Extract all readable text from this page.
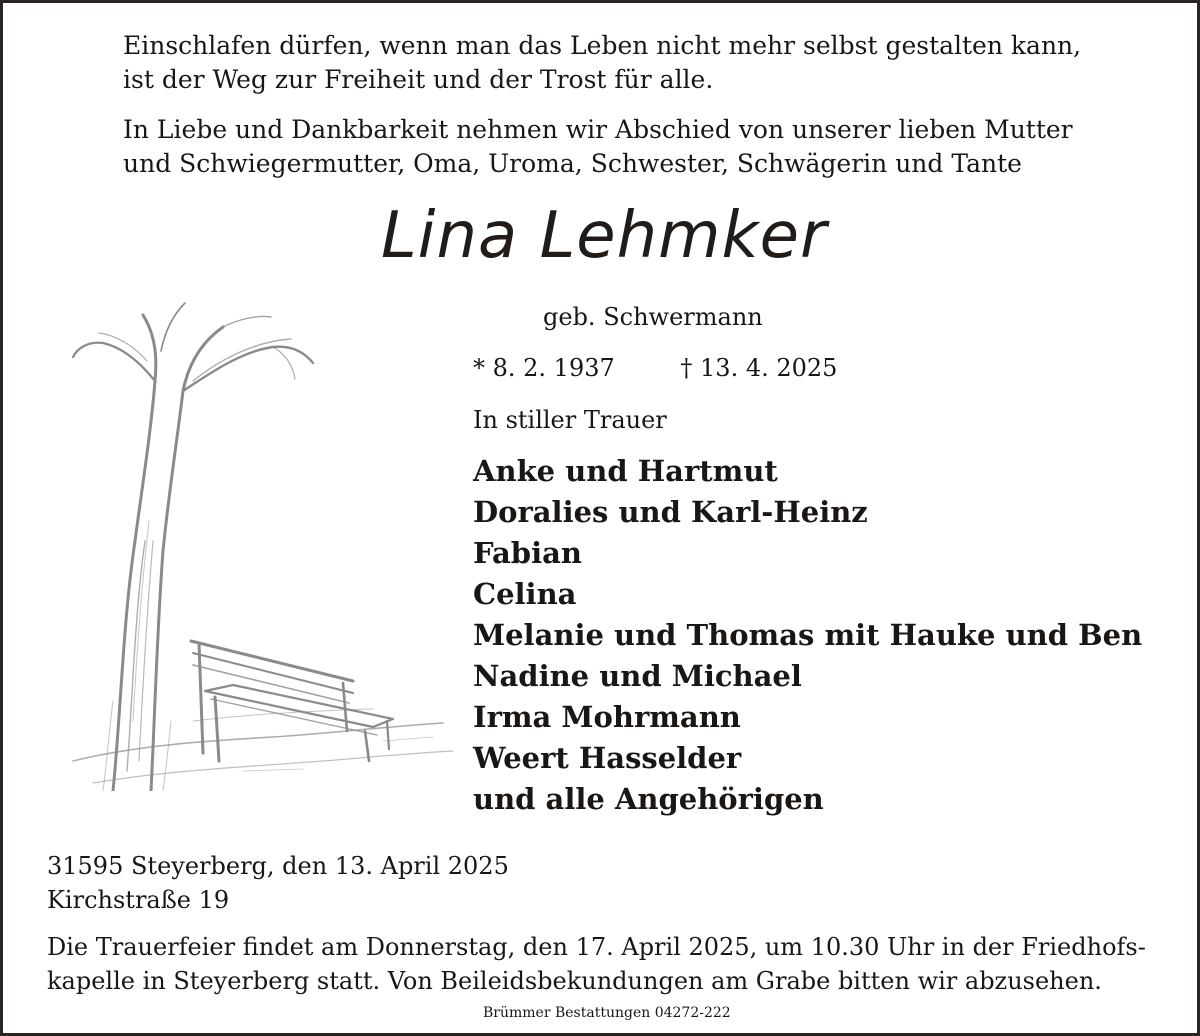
Einschlafen dürfen, wenn man das Leben nicht mehr selbst gestalten kann,

ist der Weg zur Freiheit und der Trost für alle.

In Liebe und Dankbarkeit nehmen wir Abschied von unserer lieben Mutter

und Schwiegermutter, Oma, Uroma, Schwester, Schwägerin und Tante

Lina Lehmker
geb. Schwermann
* 8. 2. 1937	† 13. 4. 2025
In stiller Trauer
Anke und Hartmut
Doralies und Karl-Heinz
Fabian
Celina
Melanie und Thomas mit Hauke und Ben
Nadine und Michael
Irma Mohrmann
Weert Hasselder
und alle Angehörigen
31595 Steyerberg, den 13. April 2025
Kirchstraße 19

Die Trauerfeier findet am Donnerstag, den 17. April 2025, um 10.30 Uhr in der Friedhofs-

kapelle in Steyerberg statt. Von Beileidsbekundungen am Grabe bitten wir abzusehen.

Brümmer Bestattungen 04272-222
